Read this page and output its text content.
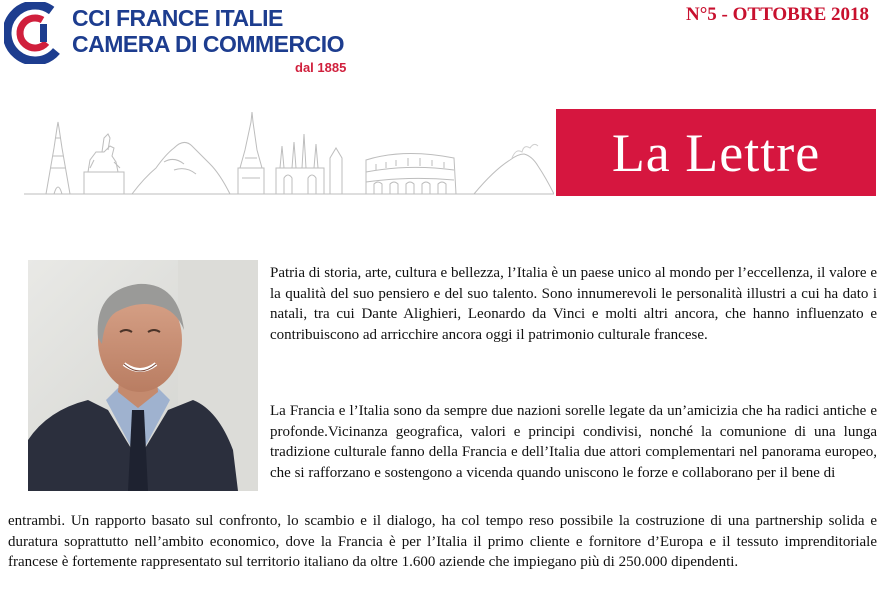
CCI FRANCE ITALIE
CAMERA DI COMMERCIO
dal 1885
N°5 - OTTOBRE 2018
La Lettre
Patria di storia, arte, cultura e bellezza, l’Italia è un paese unico al mondo per l’eccellenza, il valore e la qualità del suo pensiero e del suo talento. Sono innumerevoli le personalità illustri a cui ha dato i natali, tra cui Dante Alighieri, Leonardo da Vinci e molti altri ancora, che hanno influenzato e contribuiscono ad arricchire ancora oggi il patrimonio culturale francese.
La Francia e l’Italia sono da sempre due nazioni sorelle legate da un’amicizia che ha radici antiche e profonde.Vicinanza geografica, valori e principi condivisi, nonché la comunione di una lunga tradizione culturale fanno della Francia e dell’Italia due attori complementari nel panorama europeo, che si rafforzano e sostengono a vicenda quando uniscono le forze e collaborano per il bene di
entrambi. Un rapporto basato sul confronto, lo scambio e il dialogo, ha col tempo reso possibile la costruzione di una partnership solida e duratura soprattutto nell’ambito economico, dove la Francia è per l’Italia il primo cliente e fornitore d’Europa e il tessuto imprenditoriale francese è fortemente rappresentato sul territorio italiano da oltre 1.600 aziende che impiegano più di 250.000 dipendenti.
